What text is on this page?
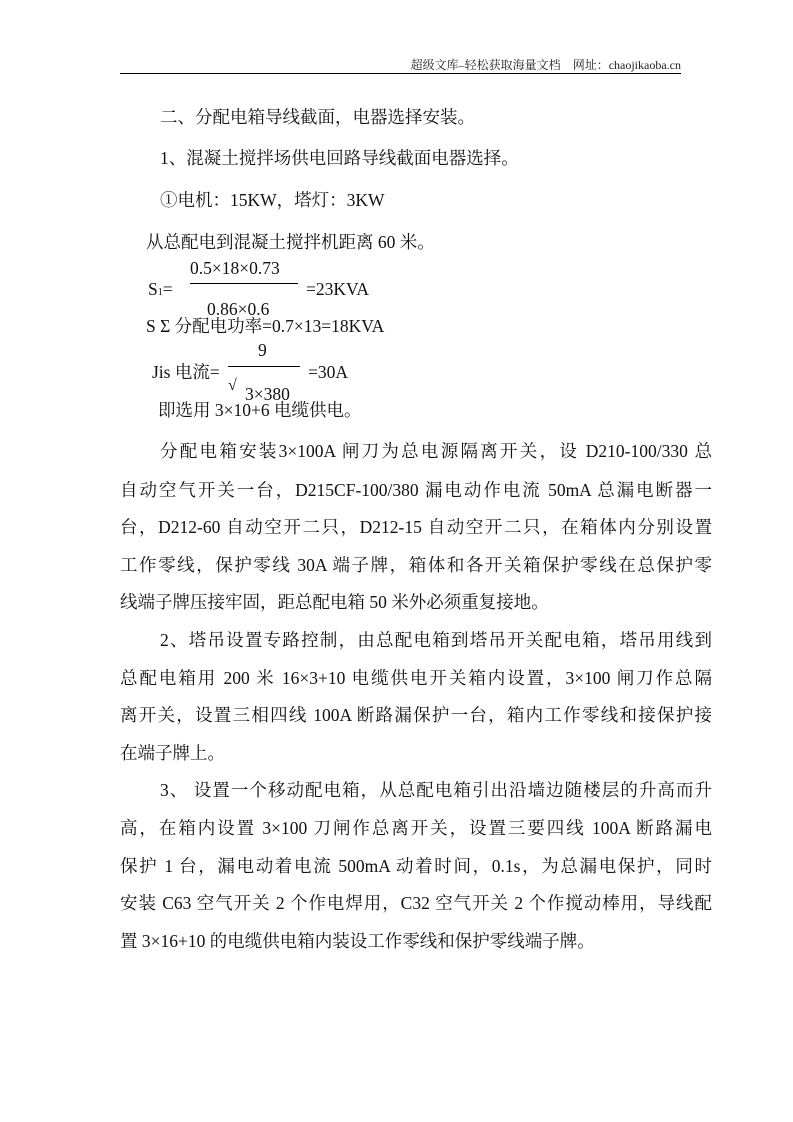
超级文库–轻松获取海量文档 网址：chaojikaoba.cn
二、分配电箱导线截面，电器选择安装。
1、混凝土搅拌场供电回路导线截面电器选择。
①电机：15KW，塔灯：3KW
从总配电到混凝土搅拌机距离 60 米。
0.5×18×0.73
S1=	=23KVA
0.86×0.6
S Σ 分配电功率=0.7×13=18KVA
9
Jis 电流=	=30A
√ 3×380
即选用 3×10+6 电缆供电。
分配电箱安装3×100A 闸刀为总电源隔离开关，设 D210-100/330 总
自动空气开关一台，D215CF-100/380 漏电动作电流 50mA 总漏电断器一
台，D212-60 自动空开二只，D212-15 自动空开二只，在箱体内分别设置
工作零线，保护零线 30A 端子牌，箱体和各开关箱保护零线在总保护零
线端子牌压接牢固，距总配电箱 50 米外必须重复接地。
2、塔吊设置专路控制，由总配电箱到塔吊开关配电箱，塔吊用线到
总配电箱用 200 米 16×3+10 电缆供电开关箱内设置，3×100 闸刀作总隔
离开关，设置三相四线 100A 断路漏保护一台，箱内工作零线和接保护接
在端子牌上。
3、 设置一个移动配电箱，从总配电箱引出沿墙边随楼层的升高而升
高，在箱内设置 3×100 刀闸作总离开关，设置三要四线 100A 断路漏电
保护 1 台，漏电动着电流 500mA 动着时间，0.1s，为总漏电保护，同时
安装 C63 空气开关 2 个作电焊用，C32 空气开关 2 个作搅动棒用，导线配
置 3×16+10 的电缆供电箱内装设工作零线和保护零线端子牌。
